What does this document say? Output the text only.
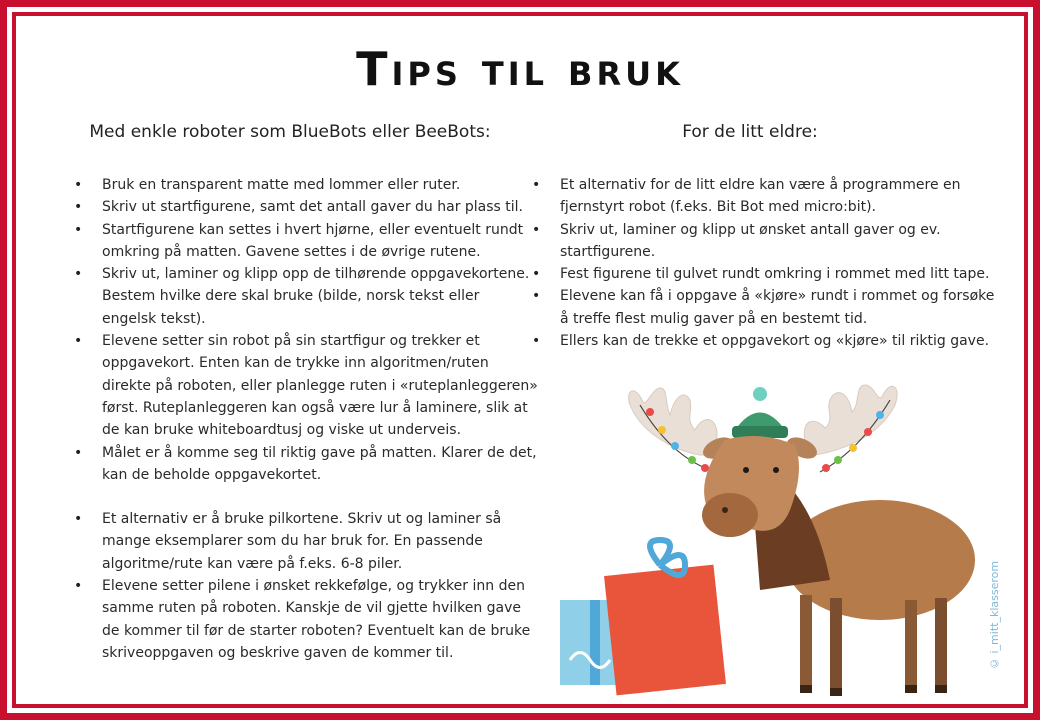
Tips til bruk
Med enkle roboter som BlueBots eller BeeBots:	For de litt eldre:
• Bruk en transparent matte med lommer eller ruter.
• Skriv ut startfigurene, samt det antall gaver du har plass til.
• Startfigurene kan settes i hvert hjørne, eller eventuelt rundt omkring på matten. Gavene settes i de øvrige rutene.
• Skriv ut, laminer og klipp opp de tilhørende oppgavekortene. Bestem hvilke dere skal bruke (bilde, norsk tekst eller engelsk tekst).
• Elevene setter sin robot på sin startfigur og trekker et oppgavekort. Enten kan de trykke inn algoritmen/ruten direkte på roboten, eller planlegge ruten i «ruteplanleggeren» først. Ruteplanleggeren kan også være lur å laminere, slik at de kan bruke whiteboardtusj og viske ut underveis.
• Målet er å komme seg til riktig gave på matten. Klarer de det, kan de beholde oppgavekortet.
• Et alternativ er å bruke pilkortene. Skriv ut og laminer så mange eksemplarer som du har bruk for. En passende algoritme/rute kan være på f.eks. 6-8 piler.
• Elevene setter pilene i ønsket rekkefølge, og trykker inn den samme ruten på roboten. Kanskje de vil gjette hvilken gave de kommer til før de starter roboten? Eventuelt kan de bruke skriveoppgaven og beskrive gaven de kommer til.
• Et alternativ for de litt eldre kan være å programmere en fjernstyrt robot (f.eks. Bit Bot med micro:bit).
• Skriv ut, laminer og klipp ut ønsket antall gaver og ev. startfigurene.
• Fest figurene til gulvet rundt omkring i rommet med litt tape.
• Elevene kan få i oppgave å «kjøre» rundt i rommet og forsøke å treffe flest mulig gaver på en bestemt tid.
• Ellers kan de trekke et oppgavekort og «kjøre» til riktig gave.
© i_mitt_klasserom
